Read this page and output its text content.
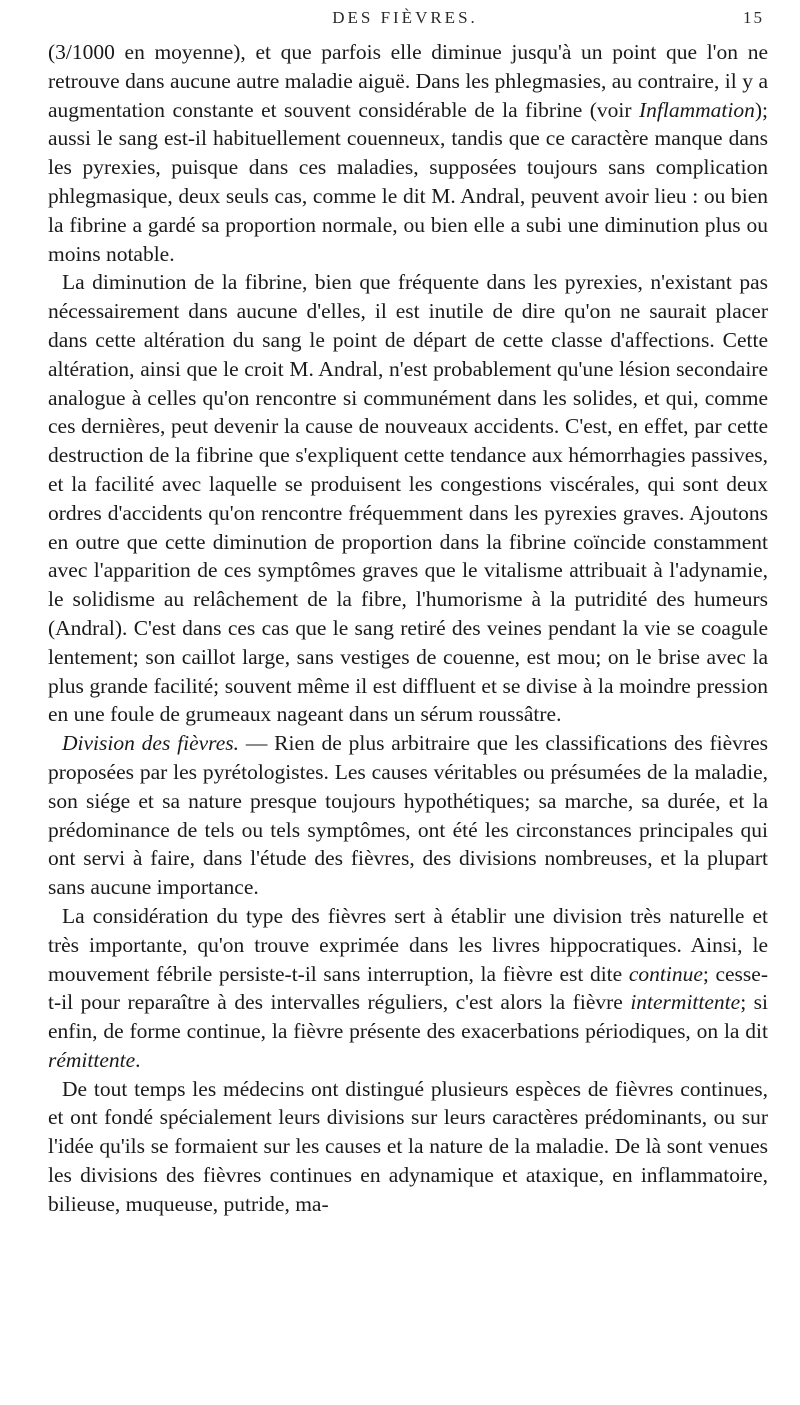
DES FIÈVRES.	15

(3/1000 en moyenne), et que parfois elle diminue jusqu'à un point que l'on ne retrouve dans aucune autre maladie aiguë. Dans les phlegmasies, au contraire, il y a augmentation constante et souvent considérable de la fibrine (voir Inflammation); aussi le sang est-il habituellement couenneux, tandis que ce caractère manque dans les pyrexies, puisque dans ces maladies, supposées toujours sans complication phlegmasique, deux seuls cas, comme le dit M. Andral, peuvent avoir lieu : ou bien la fibrine a gardé sa proportion normale, ou bien elle a subi une diminution plus ou moins notable.

La diminution de la fibrine, bien que fréquente dans les pyrexies, n'existant pas nécessairement dans aucune d'elles, il est inutile de dire qu'on ne saurait placer dans cette altération du sang le point de départ de cette classe d'affections. Cette altération, ainsi que le croit M. Andral, n'est probablement qu'une lésion secondaire analogue à celles qu'on rencontre si communément dans les solides, et qui, comme ces dernières, peut devenir la cause de nouveaux accidents. C'est, en effet, par cette destruction de la fibrine que s'expliquent cette tendance aux hémorrhagies passives, et la facilité avec laquelle se produisent les congestions viscérales, qui sont deux ordres d'accidents qu'on rencontre fréquemment dans les pyrexies graves. Ajoutons en outre que cette diminution de proportion dans la fibrine coïncide constamment avec l'apparition de ces symptômes graves que le vitalisme attribuait à l'adynamie, le solidisme au relâchement de la fibre, l'humorisme à la putridité des humeurs (Andral). C'est dans ces cas que le sang retiré des veines pendant la vie se coagule lentement; son caillot large, sans vestiges de couenne, est mou; on le brise avec la plus grande facilité; souvent même il est diffluent et se divise à la moindre pression en une foule de grumeaux nageant dans un sérum roussâtre.

Division des fièvres. — Rien de plus arbitraire que les classifications des fièvres proposées par les pyrétologistes. Les causes véritables ou présumées de la maladie, son siége et sa nature presque toujours hypothétiques; sa marche, sa durée, et la prédominance de tels ou tels symptômes, ont été les circonstances principales qui ont servi à faire, dans l'étude des fièvres, des divisions nombreuses, et la plupart sans aucune importance.

La considération du type des fièvres sert à établir une division très naturelle et très importante, qu'on trouve exprimée dans les livres hippocratiques. Ainsi, le mouvement fébrile persiste-t-il sans interruption, la fièvre est dite continue; cesse-t-il pour reparaître à des intervalles réguliers, c'est alors la fièvre intermittente; si enfin, de forme continue, la fièvre présente des exacerbations périodiques, on la dit rémittente.

De tout temps les médecins ont distingué plusieurs espèces de fièvres continues, et ont fondé spécialement leurs divisions sur leurs caractères prédominants, ou sur l'idée qu'ils se formaient sur les causes et la nature de la maladie. De là sont venues les divisions des fièvres continues en adynamique et ataxique, en inflammatoire, bilieuse, muqueuse, putride, ma-
